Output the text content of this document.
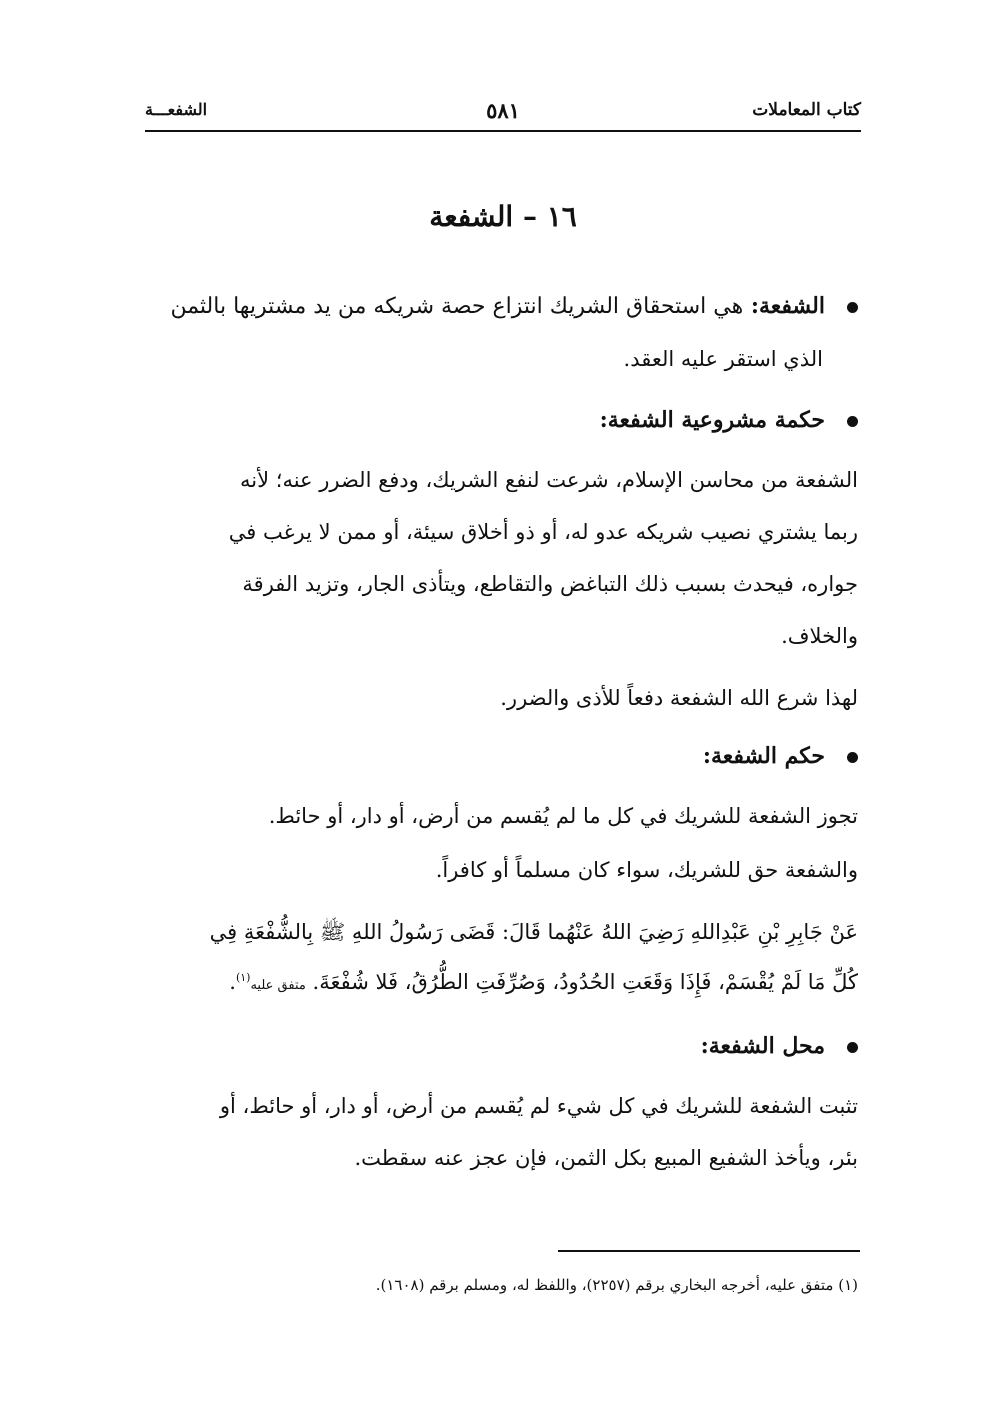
كتاب المعاملات
٥٨١
الشفعـــة
١٦ – الشفعة

الشفعة: هي استحقاق الشريك انتزاع حصة شريكه من يد مشتريها بالثمن

الذي استقر عليه العقد.

حكمة مشروعية الشفعة:

الشفعة من محاسن الإسلام، شرعت لنفع الشريك، ودفع الضرر عنه؛ لأنه

ربما يشتري نصيب شريكه عدو له، أو ذو أخلاق سيئة، أو ممن لا يرغب في

جواره، فيحدث بسبب ذلك التباغض والتقاطع، ويتأذى الجار، وتزيد الفرقة

والخلاف.

لهذا شرع الله الشفعة دفعاً للأذى والضرر.

حكم الشفعة:

تجوز الشفعة للشريك في كل ما لم يُقسم من أرض، أو دار، أو حائط.

والشفعة حق للشريك، سواء كان مسلماً أو كافراً.

عَنْ جَابِرِ بْنِ عَبْدِاللهِ رَضِيَ اللهُ عَنْهُما قَالَ: قَضَى رَسُولُ اللهِ ﷺ بِالشُّفْعَةِ فِي

كُلِّ مَا لَمْ يُقْسَمْ، فَإِذَا وَقَعَتِ الحُدُودُ، وَصُرِّفَتِ الطُّرُقُ، فَلا شُفْعَةَ. متفق عليه$^{(١)}$.

محل الشفعة:

تثبت الشفعة للشريك في كل شيء لم يُقسم من أرض، أو دار، أو حائط، أو

بئر، ويأخذ الشفيع المبيع بكل الثمن، فإن عجز عنه سقطت.

(١) متفق عليه، أخرجه البخاري برقم (٢٢٥٧)، واللفظ له، ومسلم برقم (١٦٠٨).
